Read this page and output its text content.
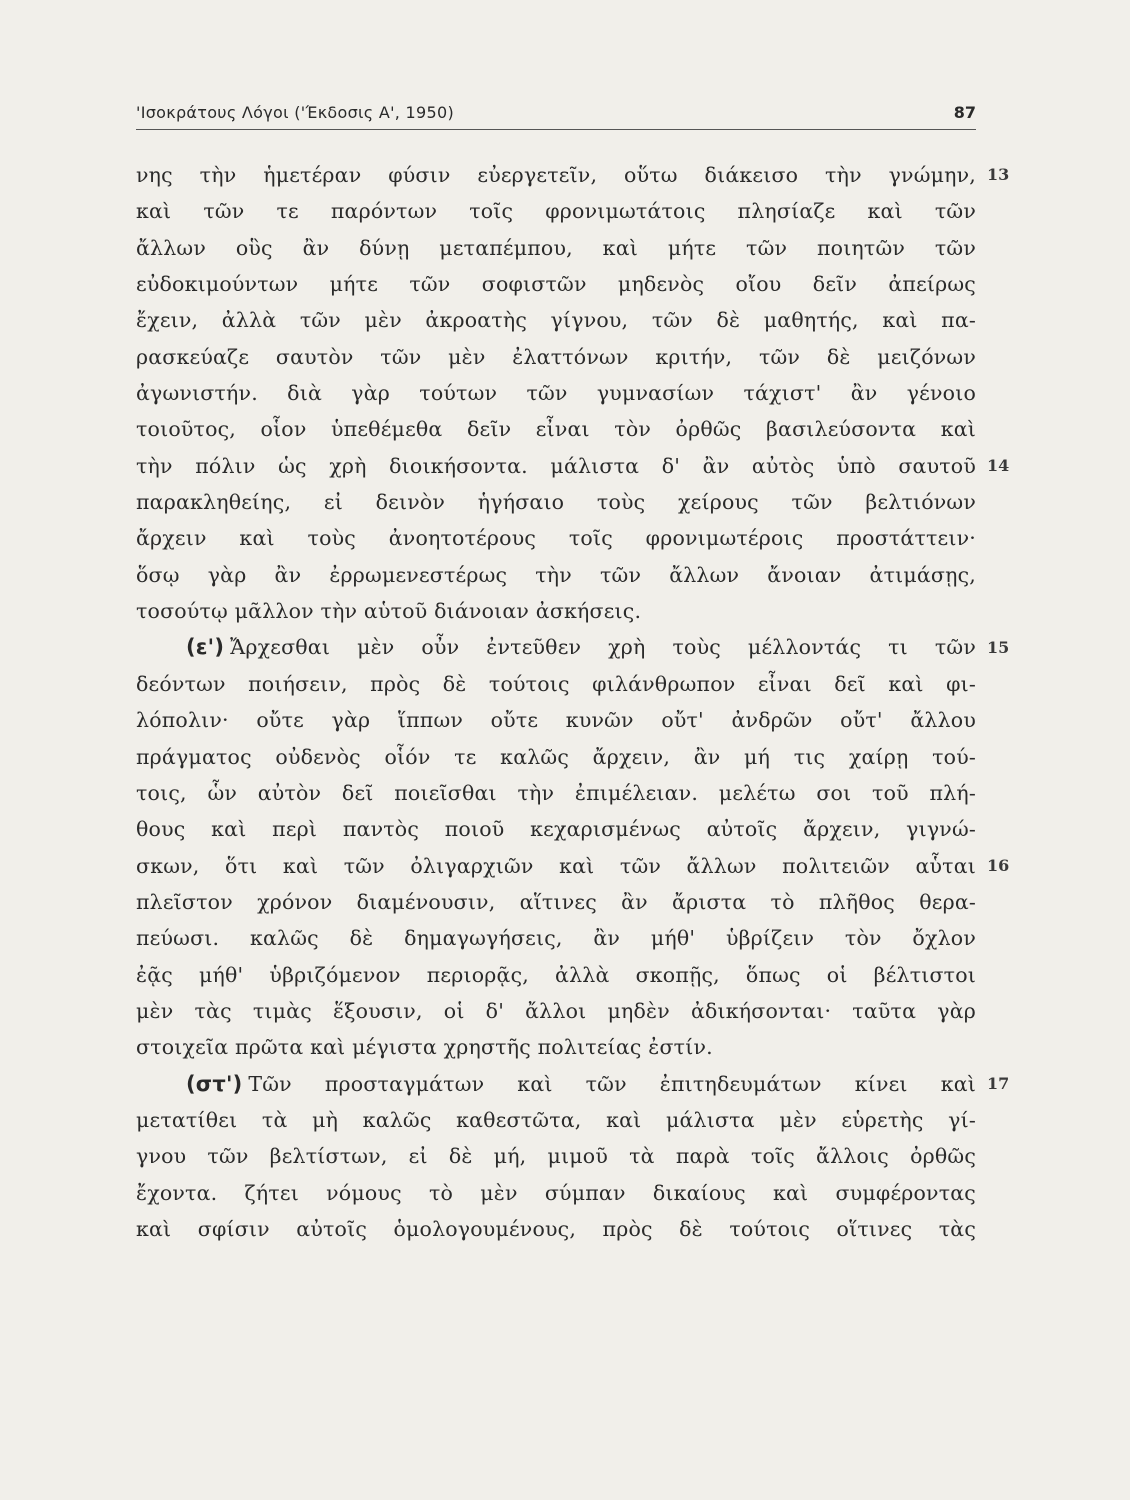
'Ισοκράτους Λόγοι ('Έκδοσις Α', 1950)	87
νης τὴν ἡμετέραν φύσιν εὐεργετεῖν, οὕτω διάκεισο τὴν γνώμην,
καὶ τῶν τε παρόντων τοῖς φρονιμωτάτοις πλησίαζε καὶ τῶν
ἄλλων οὓς ἂν δύνῃ μεταπέμπου, καὶ μήτε τῶν ποιητῶν τῶν
εὐδοκιμούντων μήτε τῶν σοφιστῶν μηδενὸς οἴου δεῖν ἀπείρως
ἔχειν, ἀλλὰ τῶν μὲν ἀκροατὴς γίγνου, τῶν δὲ μαθητής, καὶ πα-
ρασκεύαζε σαυτὸν τῶν μὲν ἐλαττόνων κριτήν, τῶν δὲ μειζόνων
ἀγωνιστήν. διὰ γὰρ τούτων τῶν γυμνασίων τάχιστ' ἂν γένοιο
τοιοῦτος, οἷον ὑπεθέμεθα δεῖν εἶναι τὸν ὀρθῶς βασιλεύσοντα καὶ
τὴν πόλιν ὡς χρὴ διοικήσοντα. μάλιστα δ' ἂν αὐτὸς ὑπὸ σαυτοῦ
παρακληθείης, εἰ δεινὸν ἡγήσαιο τοὺς χείρους τῶν βελτιόνων
ἄρχειν καὶ τοὺς ἀνοητοτέρους τοῖς φρονιμωτέροις προστάττειν·
ὅσῳ γὰρ ἂν ἐρρωμενεστέρως τὴν τῶν ἄλλων ἄνοιαν ἀτιμάσῃς,
τοσούτῳ μᾶλλον τὴν αὑτοῦ διάνοιαν ἀσκήσεις.
(ε') Ἄρχεσθαι μὲν οὖν ἐντεῦθεν χρὴ τοὺς μέλλοντάς τι τῶν
δεόντων ποιήσειν, πρὸς δὲ τούτοις φιλάνθρωπον εἶναι δεῖ καὶ φι-
λόπολιν· οὔτε γὰρ ἵππων οὔτε κυνῶν οὔτ' ἀνδρῶν οὔτ' ἄλλου
πράγματος οὐδενὸς οἷόν τε καλῶς ἄρχειν, ἂν μή τις χαίρῃ τού-
τοις, ὧν αὐτὸν δεῖ ποιεῖσθαι τὴν ἐπιμέλειαν. μελέτω σοι τοῦ πλή-
θους καὶ περὶ παντὸς ποιοῦ κεχαρισμένως αὐτοῖς ἄρχειν, γιγνώ-
σκων, ὅτι καὶ τῶν ὀλιγαρχιῶν καὶ τῶν ἄλλων πολιτειῶν αὗται
πλεῖστον χρόνον διαμένουσιν, αἵτινες ἂν ἄριστα τὸ πλῆθος θερα-
πεύωσι. καλῶς δὲ δημαγωγήσεις, ἂν μήθ' ὑβρίζειν τὸν ὄχλον
ἐᾷς μήθ' ὑβριζόμενον περιορᾷς, ἀλλὰ σκοπῇς, ὅπως οἱ βέλτιστοι
μὲν τὰς τιμὰς ἕξουσιν, οἱ δ' ἄλλοι μηδὲν ἀδικήσονται· ταῦτα γὰρ
στοιχεῖα πρῶτα καὶ μέγιστα χρηστῆς πολιτείας ἐστίν.
(στ') Τῶν προσταγμάτων καὶ τῶν ἐπιτηδευμάτων κίνει καὶ
μετατίθει τὰ μὴ καλῶς καθεστῶτα, καὶ μάλιστα μὲν εὑρετὴς γί-
γνου τῶν βελτίστων, εἰ δὲ μή, μιμοῦ τὰ παρὰ τοῖς ἄλλοις ὀρθῶς
ἔχοντα. ζήτει νόμους τὸ μὲν σύμπαν δικαίους καὶ συμφέροντας
καὶ σφίσιν αὐτοῖς ὁμολογουμένους, πρὸς δὲ τούτοις οἵτινες τὰς
13
14
15
16
17
